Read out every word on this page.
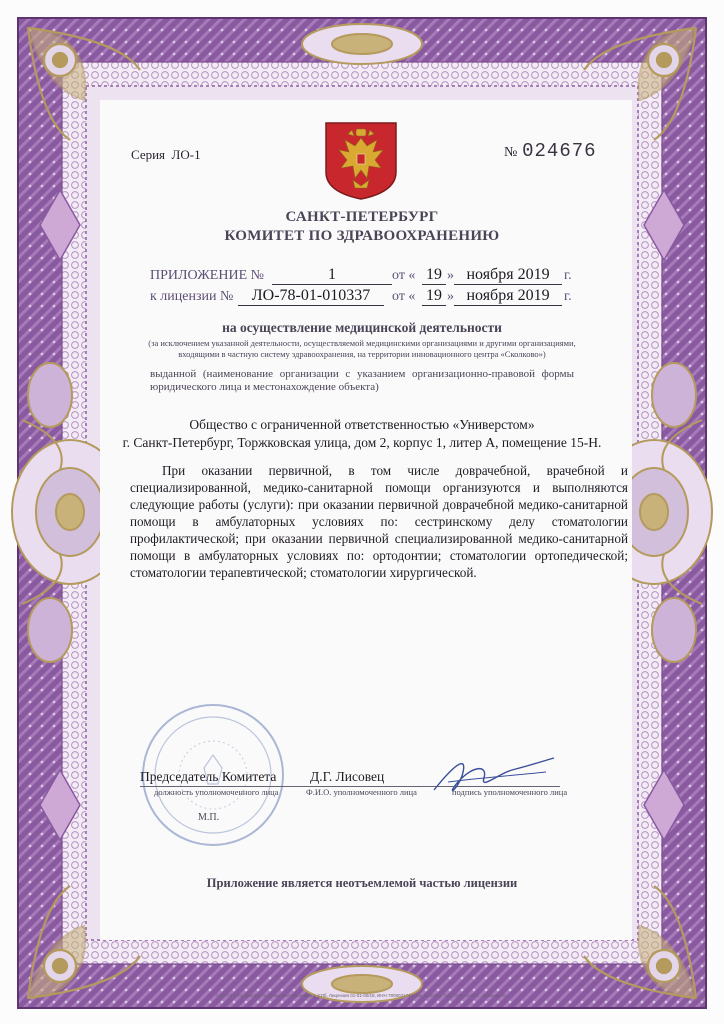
Серия ЛО-1	№ 024676

САНКТ-ПЕТЕРБУРГ
КОМИТЕТ ПО ЗДРАВООХРАНЕНИЮ

ПРИЛОЖЕНИЕ №	1	от « 19 » ноября 2019	г.
к лицензии №	ЛО-78-01-010337	от « 19 » ноября 2019	г.

на осуществление медицинской деятельности

(за исключением указанной деятельности, осуществляемой медицинскими организациями и другими организациями, входящими в частную систему здравоохранения, на территории инновационного центра «Сколково»)

выданной (наименование организации с указанием организационно-правовой формы юридического лица и местонахождение объекта)

Общество с ограниченной ответственностью «Универстом»
г. Санкт-Петербург, Торжковская улица, дом 2, корпус 1, литер А, помещение 15-Н.

При оказании первичной, в том числе доврачебной, врачебной и специализированной, медико-санитарной помощи организуются и выполняются следующие работы (услуги): при оказании первичной доврачебной медико-санитарной помощи в амбулаторных условиях по: сестринскому делу стоматологии профилактической; при оказании первичной специализированной медико-санитарной помощи в амбулаторных условиях по: ортодонтии; стоматологии ортопедической; стоматологии терапевтической; стоматологии хирургической.

Председатель Комитета Д.Г. Лисовец

должность уполномоченного лица	Ф.И.О. уполномоченного лица	подпись уполномоченного лица

М.П.

Приложение является неотъемлемой частью лицензии

© ФГУП «Типография №22 им. М.И. Калинина». СПб, Лицензия 01-01-00/18, ИНН 7808031743, зак. 1430/19, Тир. 4000, 2019 г., Уровень «Б»
